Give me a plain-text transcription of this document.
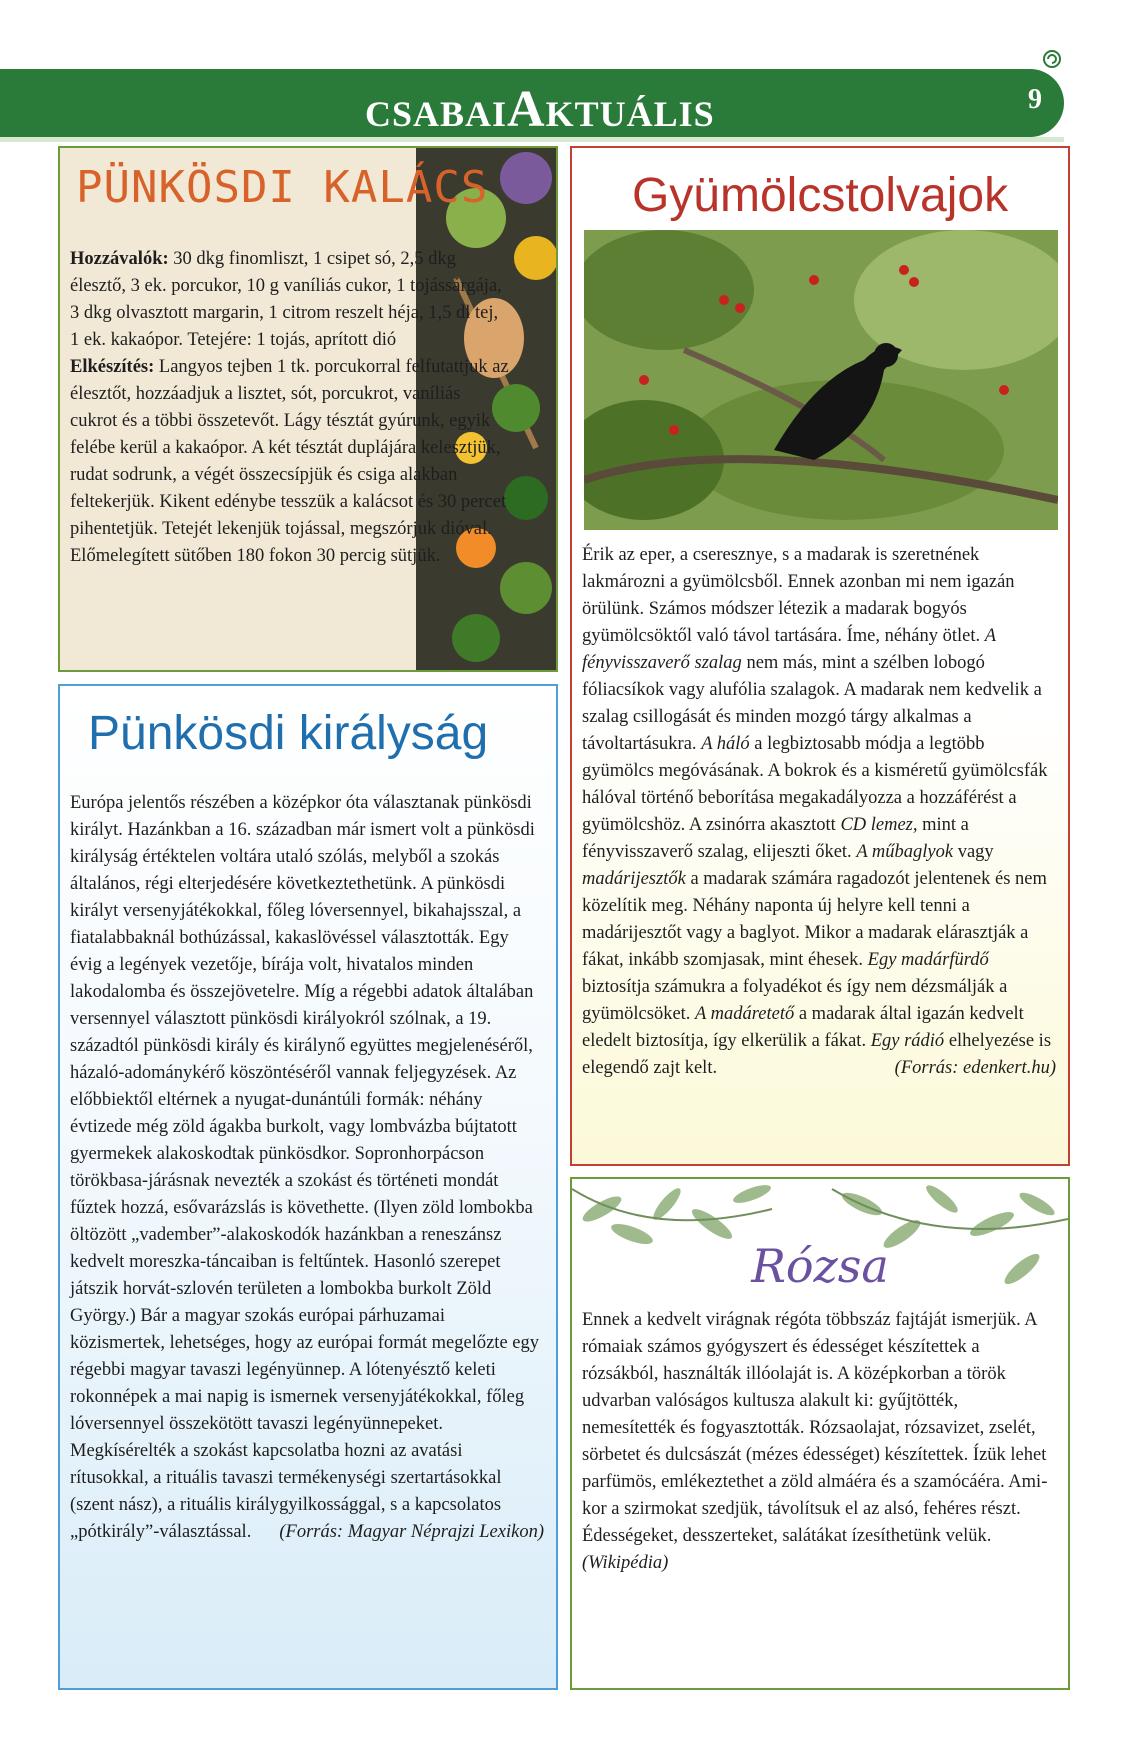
CSABAIAKTUÁLIS	9
PÜNKÖSDI KALÁCS
Hozzávalók: 30 dkg finomliszt, 1 csipet só, 2,5 dkg élesztő, 3 ek. porcukor, 10 g vaníliás cukor, 1 tojássárgája, 3 dkg olvasztott margarin, 1 citrom reszelt héja, 1,5 dl tej, 1 ek. kakaópor. Tetejére: 1 tojás, aprított dió
Elkészítés: Langyos tejben 1 tk. porcukorral felfutattjuk az élesztőt, hozzáadjuk a lisztet, sót, porcukrot, vaníliás cukrot és a többi összetevőt. Lágy tésztát gyúrunk, egyik felébe kerül a kakaópor. A két tésztát duplájára kelesztjük, rudat sodrunk, a végét összecsípjük és csiga alakban feltekerjük. Kikent edénybe tesszük a kalácsot és 30 percet pihentetjük. Tetejét lekenjük tojással, megszórjuk dióval. Előmelegített sütőben 180 fokon 30 percig sütjük.
Pünkösdi királyság
Európa jelentős részében a középkor óta választanak pünkösdi királyt. Hazánkban a 16. században már ismert volt a pünkösdi királyság értéktelen voltára utaló szólás, melyből a szokás általános, régi elterjedésére következtethetünk. A pünkösdi királyt versenyjátékokkal, főleg lóversennyel, bikahajsszal, a fiatalabbaknál bothúzással, kakaslövéssel választották. Egy évig a legények vezetője, bírája volt, hivatalos minden lakodalomba és összejövetelre. Míg a régebbi adatok általában versennyel választott pünkösdi királyokról szólnak, a 19. századtól pünkösdi király és királynő együttes megjelenéséről, házaló-adománykérő köszöntéséről vannak feljegyzések. Az előbbiektől eltérnek a nyugat-dunántúli formák: néhány évtizede még zöld ágakba burkolt, vagy lombvázba bújtatott gyermekek alakoskodtak pünkösdkor. Sopronhorpácson törökbasa-járásnak nevezték a szokást és történeti mondát fűztek hozzá, esővarázslás is követhette. (Ilyen zöld lombokba öltözött „vadember”-alakoskodók hazánkban a reneszánsz kedvelt moreszka-táncaiban is feltűntek. Hasonló szerepet játszik horvát-szlovén területen a lombokba burkolt Zöld György.) Bár a magyar szokás európai párhuzamai közismertek, lehetséges, hogy az európai formát megelőzte egy régebbi magyar tavaszi legényünnep. A lótenyésztő keleti rokonnépek a mai napig is ismernek versenyjátékokkal, főleg lóversennyel összekötött tavaszi legényünnepeket. Megkísérelték a szokást kapcsolatba hozni az avatási rítusokkal, a rituális tavaszi termékenységi szertartásokkal (szent nász), a rituális királygyilkossággal, s a kapcsolatos „pótkirály”-választással. (Forrás: Magyar Néprajzi Lexikon)
Gyümölcstolvajok
Érik az eper, a cseresznye, s a madarak is szeretnének lakmározni a gyümölcsből. Ennek azonban mi nem igazán örülünk. Számos módszer létezik a madarak bogyós gyümölcsöktől való távol tartására. Íme, néhány ötlet. A fényvisszaverő szalag nem más, mint a szélben lobogó fóliacsíkok vagy alufólia szalagok. A madarak nem kedvelik a szalag csillogását és minden mozgó tárgy alkalmas a távoltartásukra. A háló a legbiztosabb módja a legtöbb gyümölcs megóvásának. A bokrok és a kisméretű gyümölcsfák hálóval történő beborítása megakadályozza a hozzáférést a gyümölcshöz. A zsinórra akasztott CD lemez, mint a fényvisszaverő szalag, elijeszti őket. A műbaglyok vagy madárijesztők a madarak számára ragadozót jelentenek és nem közelítik meg. Néhány naponta új helyre kell tenni a madárijesztőt vagy a baglyot. Mikor a madarak elárasztják a fákat, inkább szomjasak, mint éhesek. Egy madárfürdő biztosítja számukra a folyadékot és így nem dézsmálják a gyümölcsöket. A madáretető a madarak által igazán kedvelt eledelt biztosítja, így elkerülik a fákat. Egy rádió elhelyezése is elegendő zajt kelt.	(Forrás: edenkert.hu)
Rózsa
Ennek a kedvelt virágnak régóta többszáz fajtáját ismerjük. A rómaiak számos gyógyszert és édességet készítettek a rózsákból, használták illóolaját is. A középkorban a török udvarban valóságos kultusza alakult ki: gyűjtötték, nemesítették és fogyasztották. Rózsaolajat, rózsavizet, zselét, sörbetet és dulcsászát (mézes édességet) készítettek. Ízük lehet parfümös, emlékeztethet a zöld almáéra és a szamócáéra. Amikor a szirmokat szedjük, távolítsuk el az alsó, fehéres részt. Édességeket, desszerteket, salátákat ízesíthetünk velük. (Wikipédia)
